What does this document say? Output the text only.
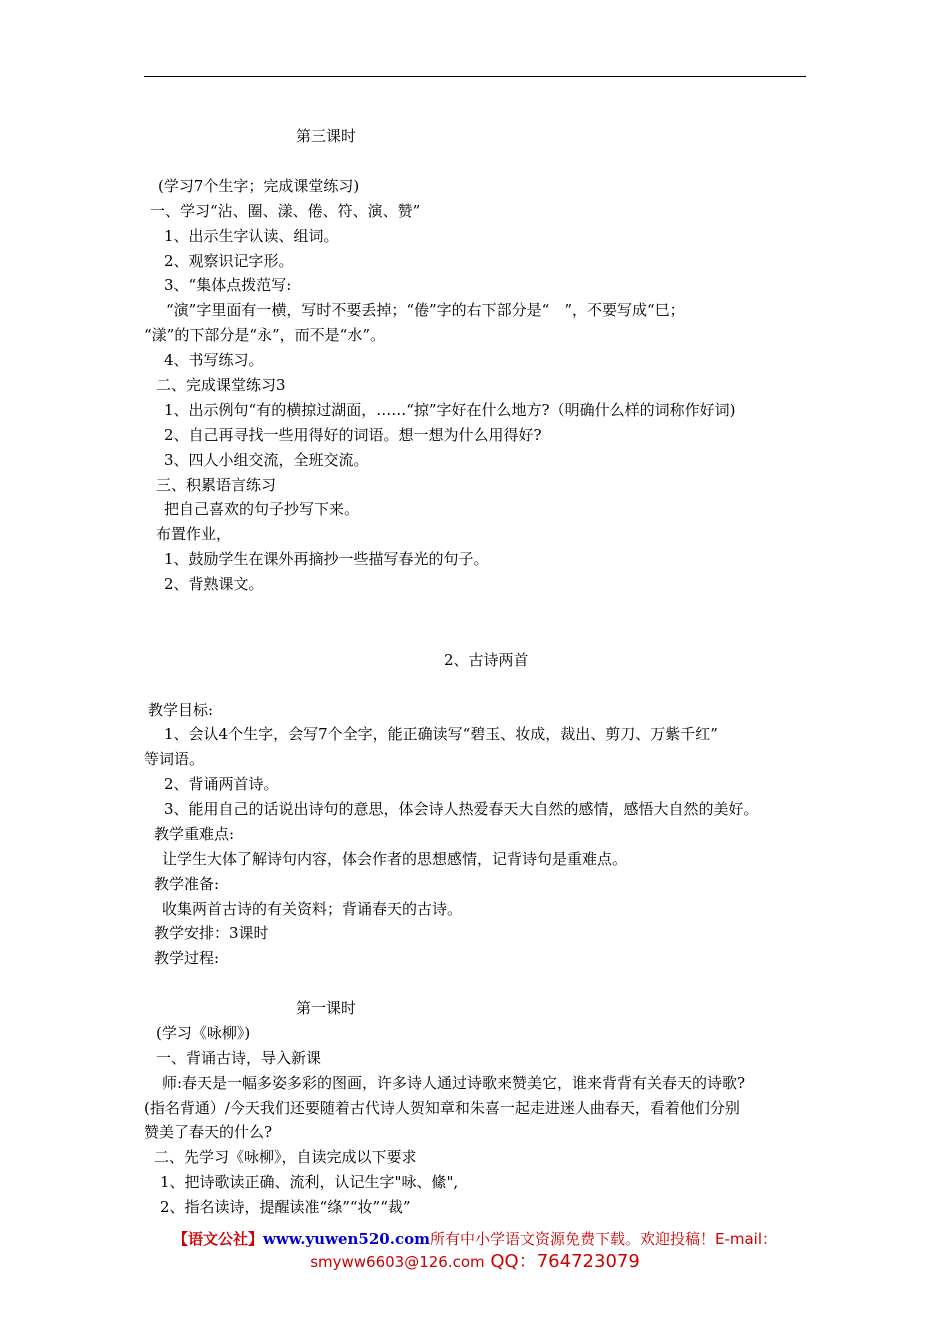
第三课时
(学习7个生字；完成课堂练习)
一、学习“沾、圈、漾、倦、符、演、赞”
1、出示生字认读、组词。
2、观察识记字形。
3、“集体点拨范写:
“演”字里面有一横，写时不要丢掉；“倦”字的右下部分是“　”，不要写成“巳；
“漾”的下部分是“永”，而不是“水”。
4、书写练习。
二、完成课堂练习3
1、出示例句“有的横掠过湖面，……“掠”字好在什么地方?（明确什么样的词称作好词)
2、自己再寻找一些用得好的词语。想一想为什么用得好?
3、四人小组交流，全班交流。
三、积累语言练习
把自己喜欢的句子抄写下来。
布置作业，
1、鼓励学生在课外再摘抄一些描写春光的句子。
2、背熟课文。
2、古诗两首
教学目标:
1、会认4个生字，会写7个全字，能正确读写“碧玉、妆成，裁出、剪刀、万紫千红”
等词语。
2、背诵两首诗。
3、能用自己的话说出诗句的意思，体会诗人热爱春天大自然的感情，感悟大自然的美好。
教学重难点:
让学生大体了解诗句内容，体会作者的思想感情，记背诗句是重难点。
教学准备:
收集两首古诗的有关资料；背诵春天的古诗。
教学安排：3课时
教学过程:
第一课时
(学习《咏柳》)
一、背诵古诗，导入新课
师:春天是一幅多姿多彩的图画，许多诗人通过诗歌来赞美它，谁来背背有关春天的诗歌?
(指名背通）/今天我们还要随着古代诗人贺知章和朱喜一起走进迷人曲春天，看着他们分别
赞美了春天的什么?
二、先学习《咏柳》，自读完成以下要求
1、把诗歌读正确、流利，认记生字"咏、絛",
2、指名读诗，提醒读准“绦”“妆”“裁”
【语文公社】www.yuwen520.com所有中小学语文资源免费下载。欢迎投稿！E-mail：
smyww6603@126.com QQ：764723079
